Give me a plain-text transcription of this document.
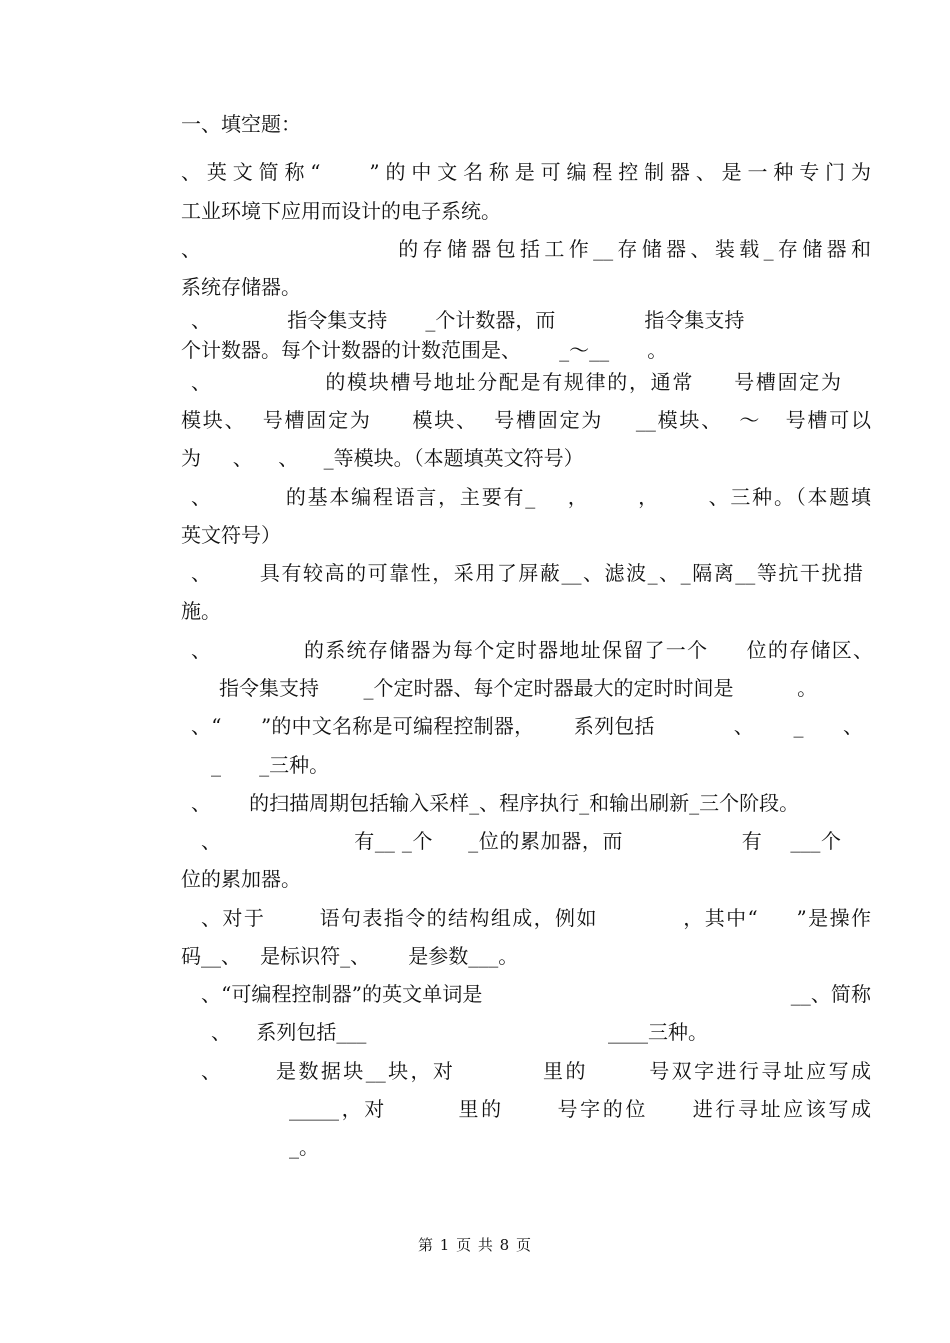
一、填空题：
、英文简称“    ”的中文名称是可编程控制器、是一种专门为
工业环境下应用而设计的电子系统。
、                  的存储器包括工作__存储器、装载_存储器和
系统存储器。
、            指令集支持      _个计数器，而              指令集支持
个计数器。每个计数器的计数范围是、      _～__      。
、              的模块槽号地址分配是有规律的，通常     号槽固定为
模块、  号槽固定为     模块、  号槽固定为    __模块、  ～   号槽可以
为     、    、    _等模块。（本题填英文符号）
、         的基本编程语言，主要有_    ，      ，      、三种。（本题填
英文符号）
、      具有较高的可靠性，采用了屏蔽__、滤波_、_隔离__等抗干扰措
施。
、            的系统存储器为每个定时器地址保留了一个     位的存储区、
指令集支持       _个定时器、每个定时器最大的定时时间是          。
、“      ”的中文名称是可编程控制器，      系列包括            、      _      、
_      _三种。
、      的扫描周期包括输入采样_、程序执行_和输出刷新_三个阶段。
、                   有__ _个     _位的累加器，而                 有    ___个
位的累加器。
、对于       语句表指令的结构组成，例如           ，其中“     ”是操作
码__、   是标识符_、      是参数___。
、“可编程控制器”的英文单词是                                                __、简称
、    系列包括___                                      ____三种。
、      是数据块__块，对          里的       号双字进行寻址应写成
_____，对        里的      号字的位     进行寻址应该写成
_。
第 1 页 共 8 页
